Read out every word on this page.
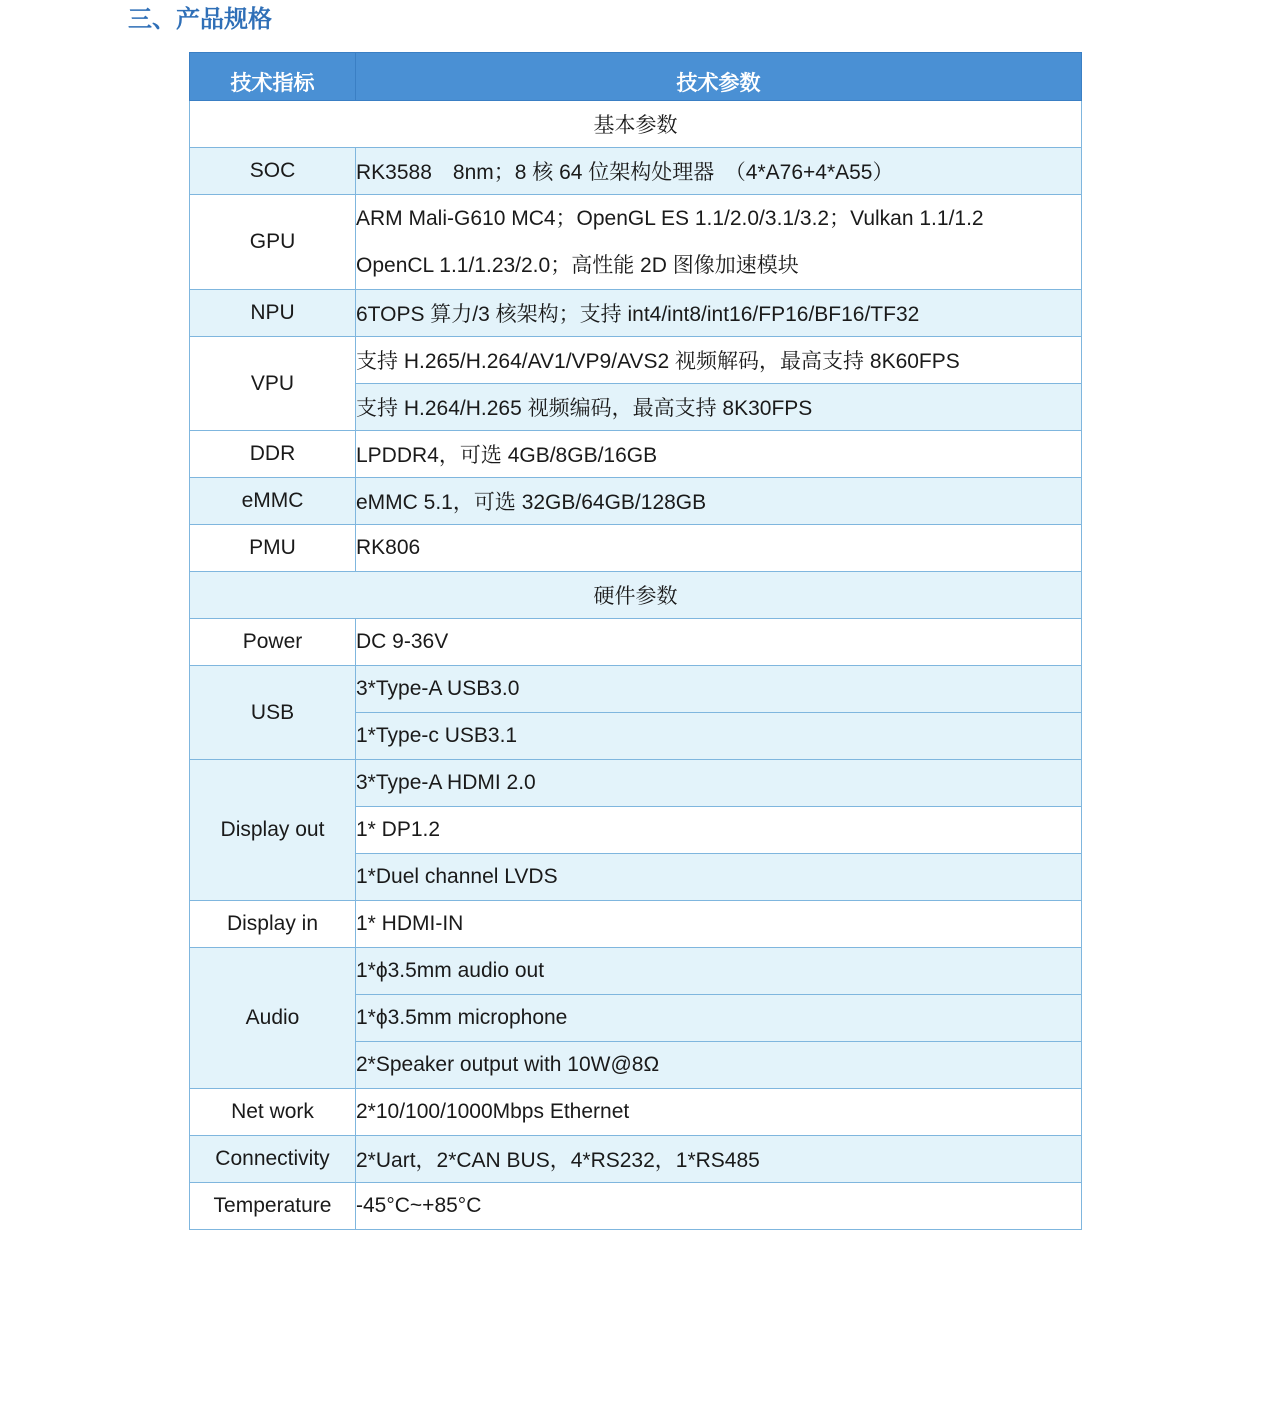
三、产品规格
技术指标	技术参数
基本参数	
SOC	RK3588　8nm；8 核 64 位架构处理器　（4*A76+4*A55）
GPU	ARM Mali-G610 MC4；OpenGL ES 1.1/2.0/3.1/3.2；Vulkan 1.1/1.2
OpenCL 1.1/1.23/2.0；高性能 2D 图像加速模块

NPU	6TOPS 算力/3 核架构；支持 int4/int8/int16/FP16/BF16/TF32
VPU	支持 H.265/H.264/AV1/VP9/AVS2 视频解码，最高支持 8K60FPS
	支持 H.264/H.265 视频编码，最高支持 8K30FPS
DDR	LPDDR4，可选 4GB/8GB/16GB
eMMC	eMMC 5.1，可选 32GB/64GB/128GB
PMU	RK806
硬件参数	
Power	DC 9-36V
USB	3*Type-A USB3.0
	1*Type-c USB3.1
Display out	3*Type-A HDMI 2.0
	1* DP1.2
	1*Duel channel LVDS
Display in	1* HDMI-IN
Audio	1*ϕ3.5mm audio out
	1*ϕ3.5mm microphone
	2*Speaker output with 10W@8Ω
Net work	2*10/100/1000Mbps Ethernet
Connectivity	2*Uart，2*CAN BUS，4*RS232，1*RS485
Temperature	-45°C~+85°C
